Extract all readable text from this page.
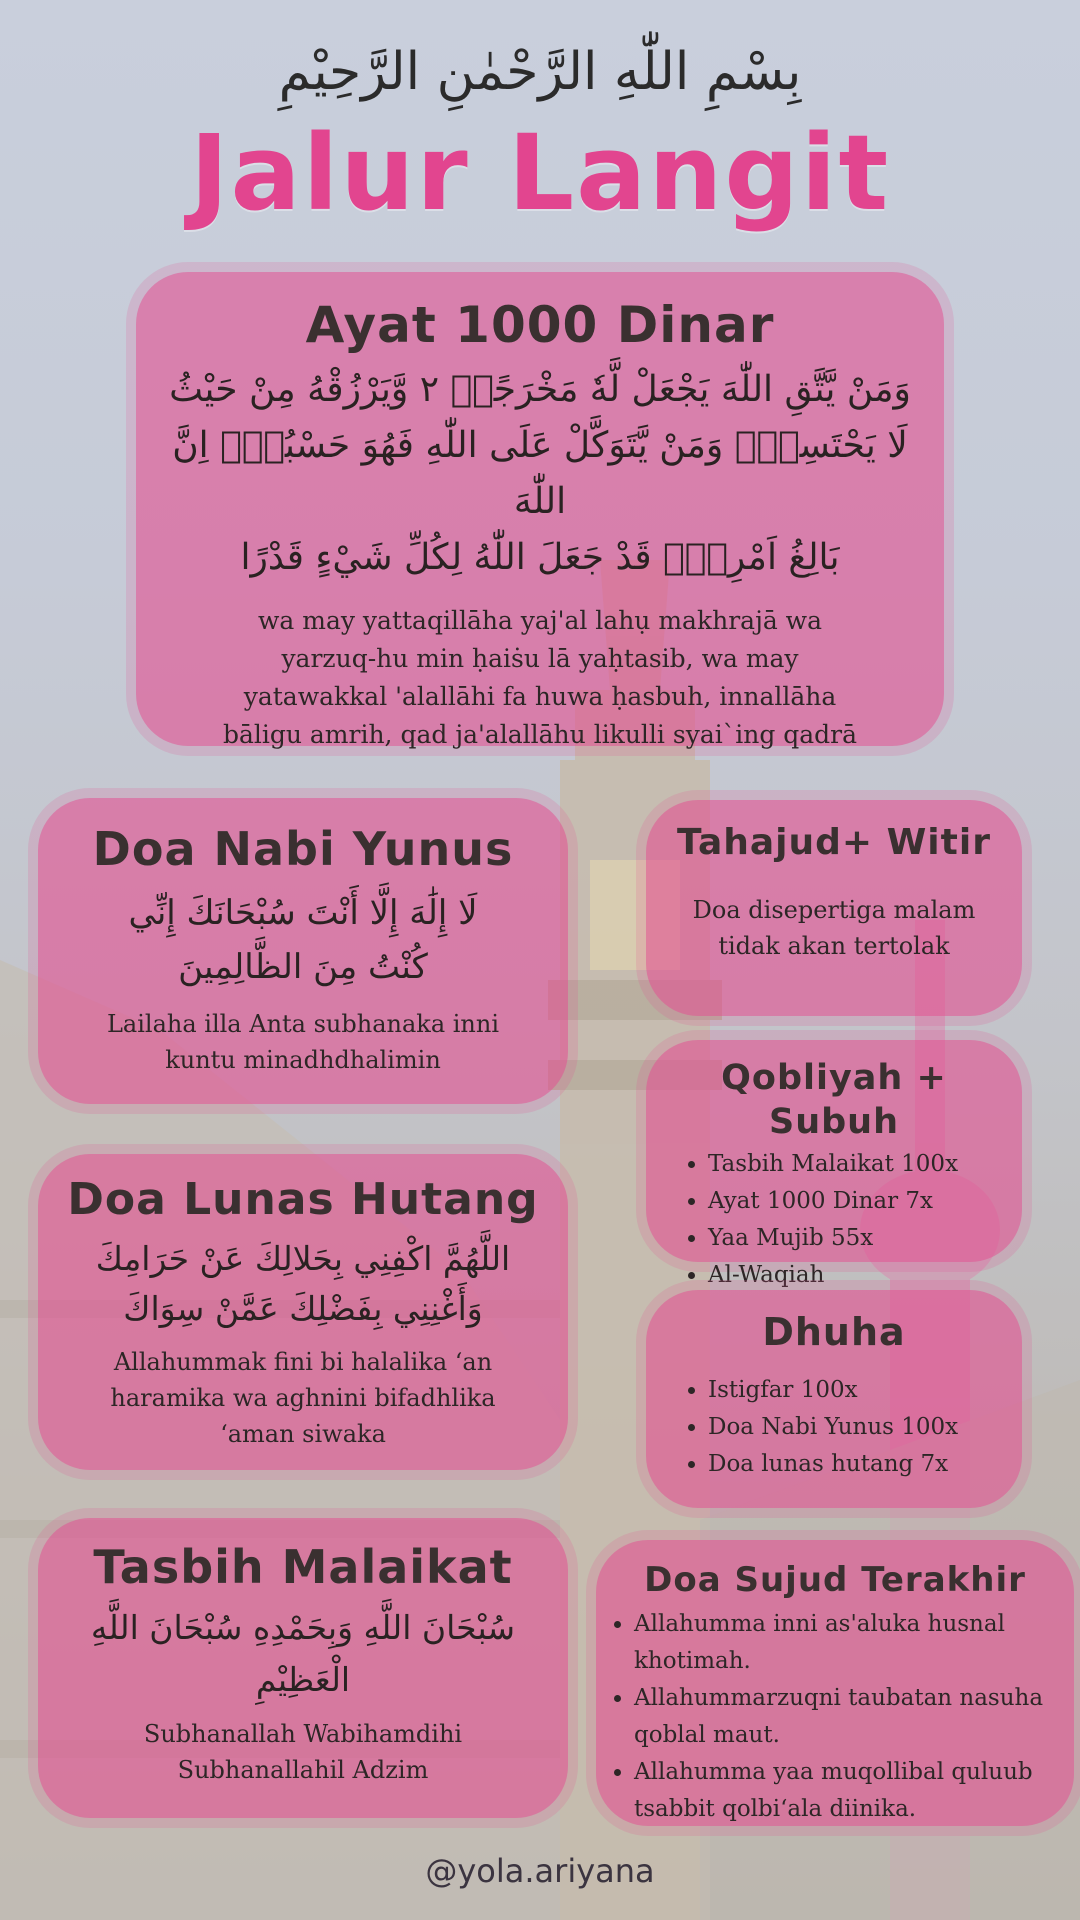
بِسْمِ اللّٰهِ الرَّحْمٰنِ الرَّحِيْمِ
Jalur Langit
Ayat 1000 Dinar

وَمَنْ يَّتَّقِ اللّٰهَ يَجْعَلْ لَّهٗ مَخْرَجًاۙ ٢ وَّيَرْزُقْهُ مِنْ حَيْثُ

لَا يَحْتَسِبُۗ وَمَنْ يَّتَوَكَّلْ عَلَى اللّٰهِ فَهُوَ حَسْبُهٗۗ اِنَّ اللّٰهَ

بَالِغُ اَمْرِهٖۗ قَدْ جَعَلَ اللّٰهُ لِكُلِّ شَيْءٍ قَدْرًا

wa may yattaqillāha yaj'al lahụ makhrajā wa

yarzuq-hu min ḥaiṡu lā yaḥtasib, wa may

yatawakkal 'alallāhi fa huwa ḥasbuh, innallāha

bāligu amrih, qad ja'alallāhu likulli syai`ing qadrā

Doa Nabi Yunus

لَا إِلَٰهَ إِلَّا أَنْتَ سُبْحَانَكَ إِنِّي

كُنْتُ مِنَ الظَّالِمِينَ

Lailaha illa Anta subhanaka inni

kuntu minadhdhalimin

Doa Lunas Hutang

اللَّهُمَّ اكْفِنِي بِحَلالِكَ عَنْ حَرَامِكَ

وَأَغْنِنِي بِفَضْلِكَ عَمَّنْ سِوَاكَ

Allahummak fini bi halalika ‘an

haramika wa aghnini bifadhlika

‘aman siwaka

Tasbih Malaikat

سُبْحَانَ اللَّهِ وَبِحَمْدِهِ سُبْحَانَ اللَّهِ

الْعَظِيْمِ

Subhanallah Wabihamdihi

Subhanallahil Adzim

Tahajud+ Witir

Doa disepertiga malam

tidak akan tertolak

Qobliyah + Subuh
• Tasbih Malaikat 100x
• Ayat 1000 Dinar 7x
• Yaa Mujib 55x
• Al-Waqiah
Dhuha
• Istigfar 100x
• Doa Nabi Yunus 100x
• Doa lunas hutang 7x
Doa Sujud Terakhir
• Allahumma inni as'aluka husnal khotimah.
• Allahummarzuqni taubatan nasuha qoblal maut.
• Allahumma yaa muqollibal quluub tsabbit qolbi‘ala diinika.
@yola.ariyana
